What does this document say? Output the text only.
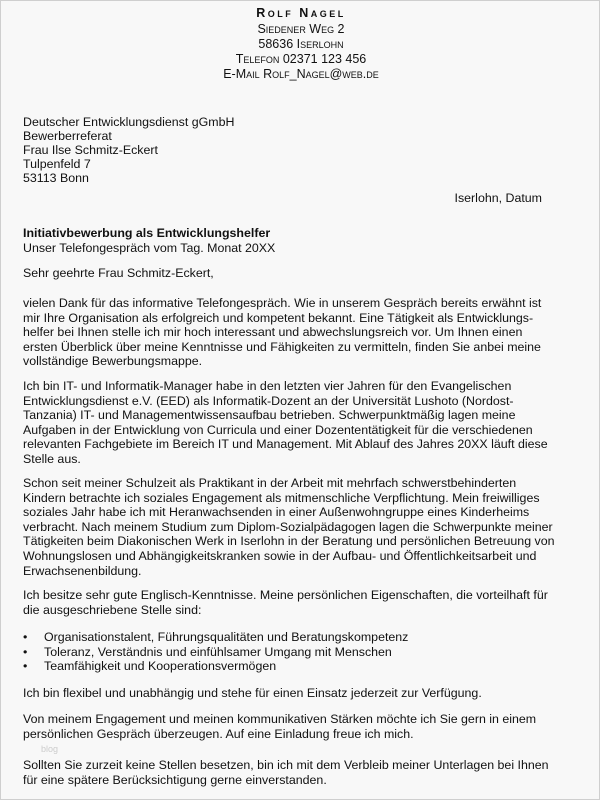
Rolf Nagel
Siedener Weg 2
58636 Iserlohn
Telefon 02371 123 456
E-Mail Rolf_Nagel@web.de
Deutscher Entwicklungsdienst gGmbH
Bewerberreferat
Frau Ilse Schmitz-Eckert
Tulpenfeld 7
53113 Bonn
Iserlohn, Datum
Initiativbewerbung als Entwicklungshelfer
Unser Telefongespräch vom Tag. Monat 20XX
Sehr geehrte Frau Schmitz-Eckert,
vielen Dank für das informative Telefongespräch. Wie in unserem Gespräch bereits erwähnt ist
mir Ihre Organisation als erfolgreich und kompetent bekannt. Eine Tätigkeit als Entwicklungs-
helfer bei Ihnen stelle ich mir hoch interessant und abwechslungsreich vor. Um Ihnen einen
ersten Überblick über meine Kenntnisse und Fähigkeiten zu vermitteln, finden Sie anbei meine
vollständige Bewerbungsmappe.
Ich bin IT- und Informatik-Manager habe in den letzten vier Jahren für den Evangelischen
Entwicklungsdienst e.V. (EED) als Informatik-Dozent an der Universität Lushoto (Nordost-
Tanzania) IT- und Managementwissensaufbau betrieben. Schwerpunktmäßig lagen meine
Aufgaben in der Entwicklung von Curricula und einer Dozententätigkeit für die verschiedenen
relevanten Fachgebiete im Bereich IT und Management. Mit Ablauf des Jahres 20XX läuft diese
Stelle aus.
Schon seit meiner Schulzeit als Praktikant in der Arbeit mit mehrfach schwerstbehinderten
Kindern betrachte ich soziales Engagement als mitmenschliche Verpflichtung. Mein freiwilliges
soziales Jahr habe ich mit Heranwachsenden in einer Außenwohngruppe eines Kinderheims
verbracht. Nach meinem Studium zum Diplom-Sozialpädagogen lagen die Schwerpunkte meiner
Tätigkeiten beim Diakonischen Werk in Iserlohn in der Beratung und persönlichen Betreuung von
Wohnungslosen und Abhängigkeitskranken sowie in der Aufbau- und Öffentlichkeitsarbeit und
Erwachsenenbildung.
Ich besitze sehr gute Englisch-Kenntnisse. Meine persönlichen Eigenschaften, die vorteilhaft für
die ausgeschriebene Stelle sind:
• Organisationstalent, Führungsqualitäten und Beratungskompetenz
• Toleranz, Verständnis und einfühlsamer Umgang mit Menschen
• Teamfähigkeit und Kooperationsvermögen
Ich bin flexibel und unabhängig und stehe für einen Einsatz jederzeit zur Verfügung.
Von meinem Engagement und meinen kommunikativen Stärken möchte ich Sie gern in einem
persönlichen Gespräch überzeugen. Auf eine Einladung freue ich mich.
blog
Sollten Sie zurzeit keine Stellen besetzen, bin ich mit dem Verbleib meiner Unterlagen bei Ihnen
für eine spätere Berücksichtigung gerne einverstanden.
